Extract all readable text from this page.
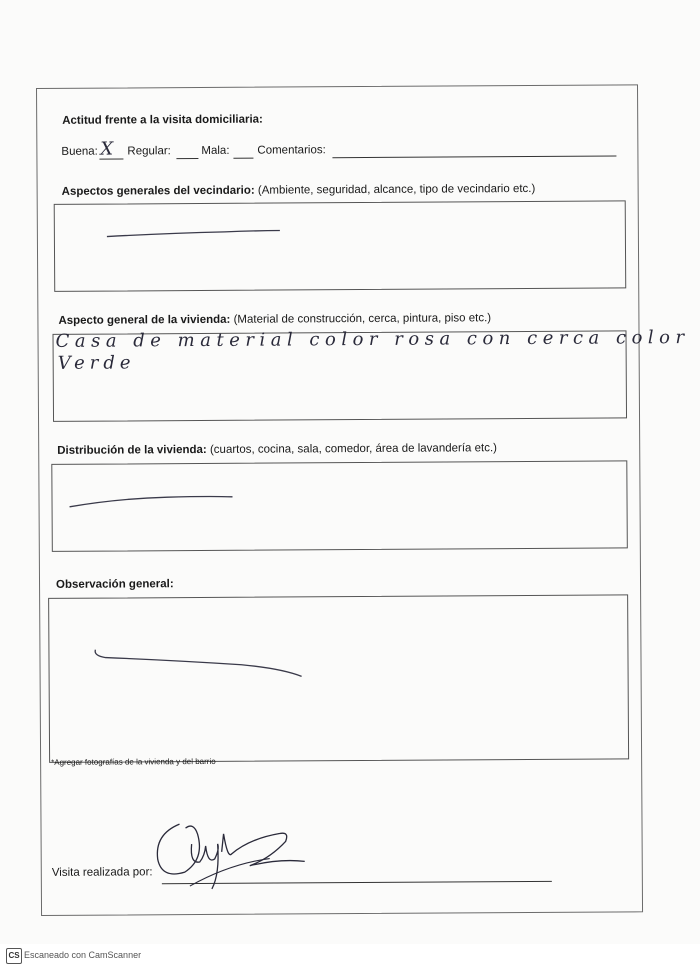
Actitud frente a la visita domiciliaria:
Buena: X Regular:	Mala: Comentarios:
Aspectos generales del vecindario: (Ambiente, seguridad, alcance, tipo de vecindario etc.)
Aspecto general de la vivienda: (Material de construcción, cerca, pintura, piso etc.)
Casa de material color rosa con cerca color
Verde
Distribución de la vivienda: (cuartos, cocina, sala, comedor, área de lavandería etc.)
Observación general:
*Agregar fotografías de la vivienda y del barrio
Visita realizada por:
CS Escaneado con CamScanner
